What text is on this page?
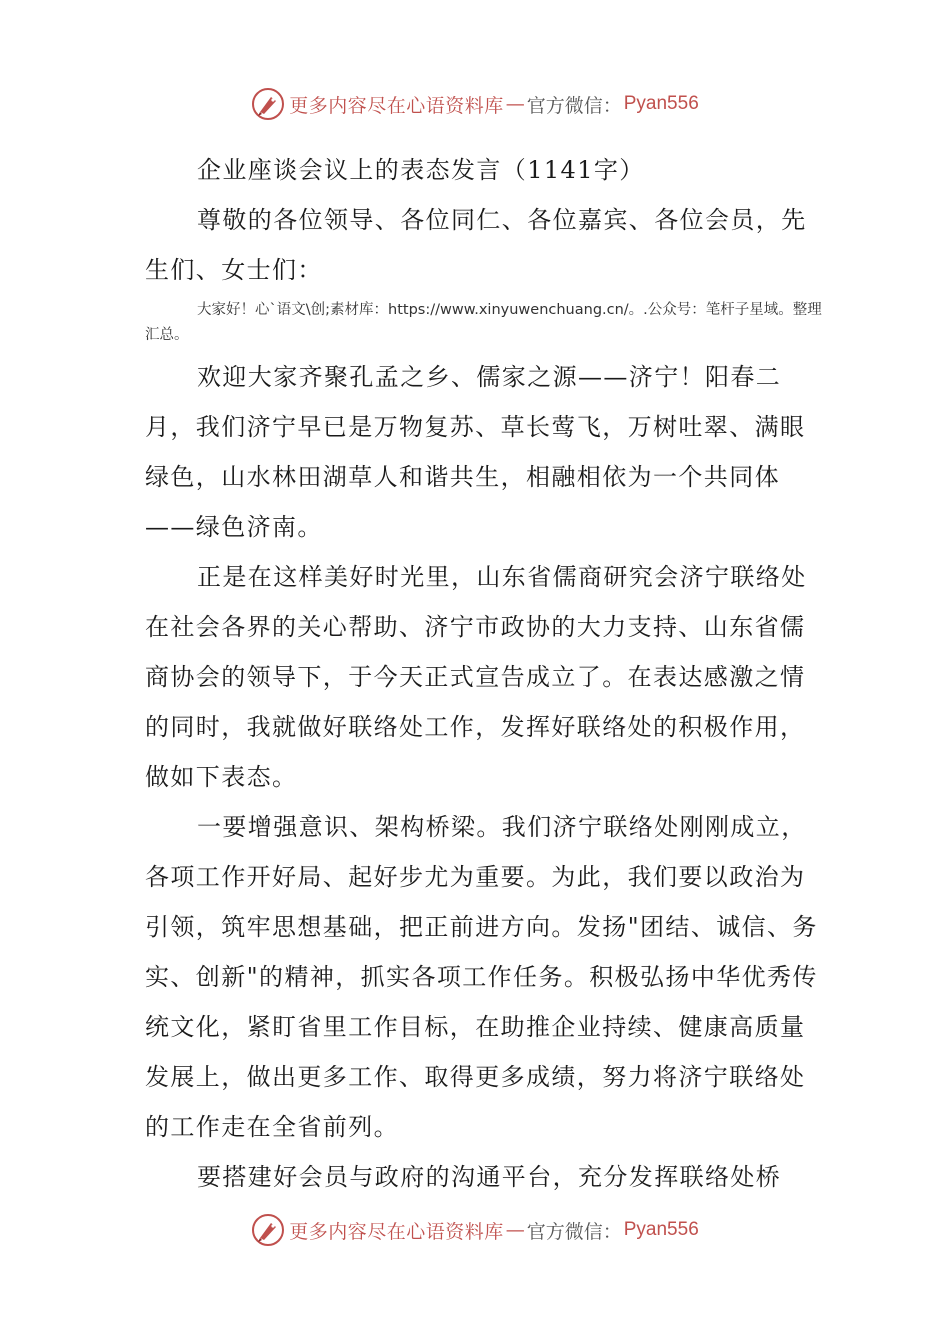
更多内容尽在心语资料库 — 官方微信： Pyan556

企业座谈会议上的表态发言（1141字）

尊敬的各位领导、各位同仁、各位嘉宾、各位会员，先生们、女士们：

大家好！心`语文\创;素材库：https://www.xinyuwenchuang.cn/。.公众号：笔杆子星域。整理汇总。

欢迎大家齐聚孔孟之乡、儒家之源——济宁！阳春二月，我们济宁早已是万物复苏、草长莺飞，万树吐翠、满眼绿色，山水林田湖草人和谐共生，相融相依为一个共同体——绿色济南。

正是在这样美好时光里，山东省儒商研究会济宁联络处在社会各界的关心帮助、济宁市政协的大力支持、山东省儒商协会的领导下，于今天正式宣告成立了。在表达感激之情的同时，我就做好联络处工作，发挥好联络处的积极作用，做如下表态。

一要增强意识、架构桥梁。我们济宁联络处刚刚成立，各项工作开好局、起好步尤为重要。为此，我们要以政治为引领，筑牢思想基础，把正前进方向。发扬"团结、诚信、务实、创新"的精神，抓实各项工作任务。积极弘扬中华优秀传统文化，紧盯省里工作目标，在助推企业持续、健康高质量发展上，做出更多工作、取得更多成绩，努力将济宁联络处的工作走在全省前列。

要搭建好会员与政府的沟通平台，充分发挥联络处桥

更多内容尽在心语资料库 — 官方微信： Pyan556
